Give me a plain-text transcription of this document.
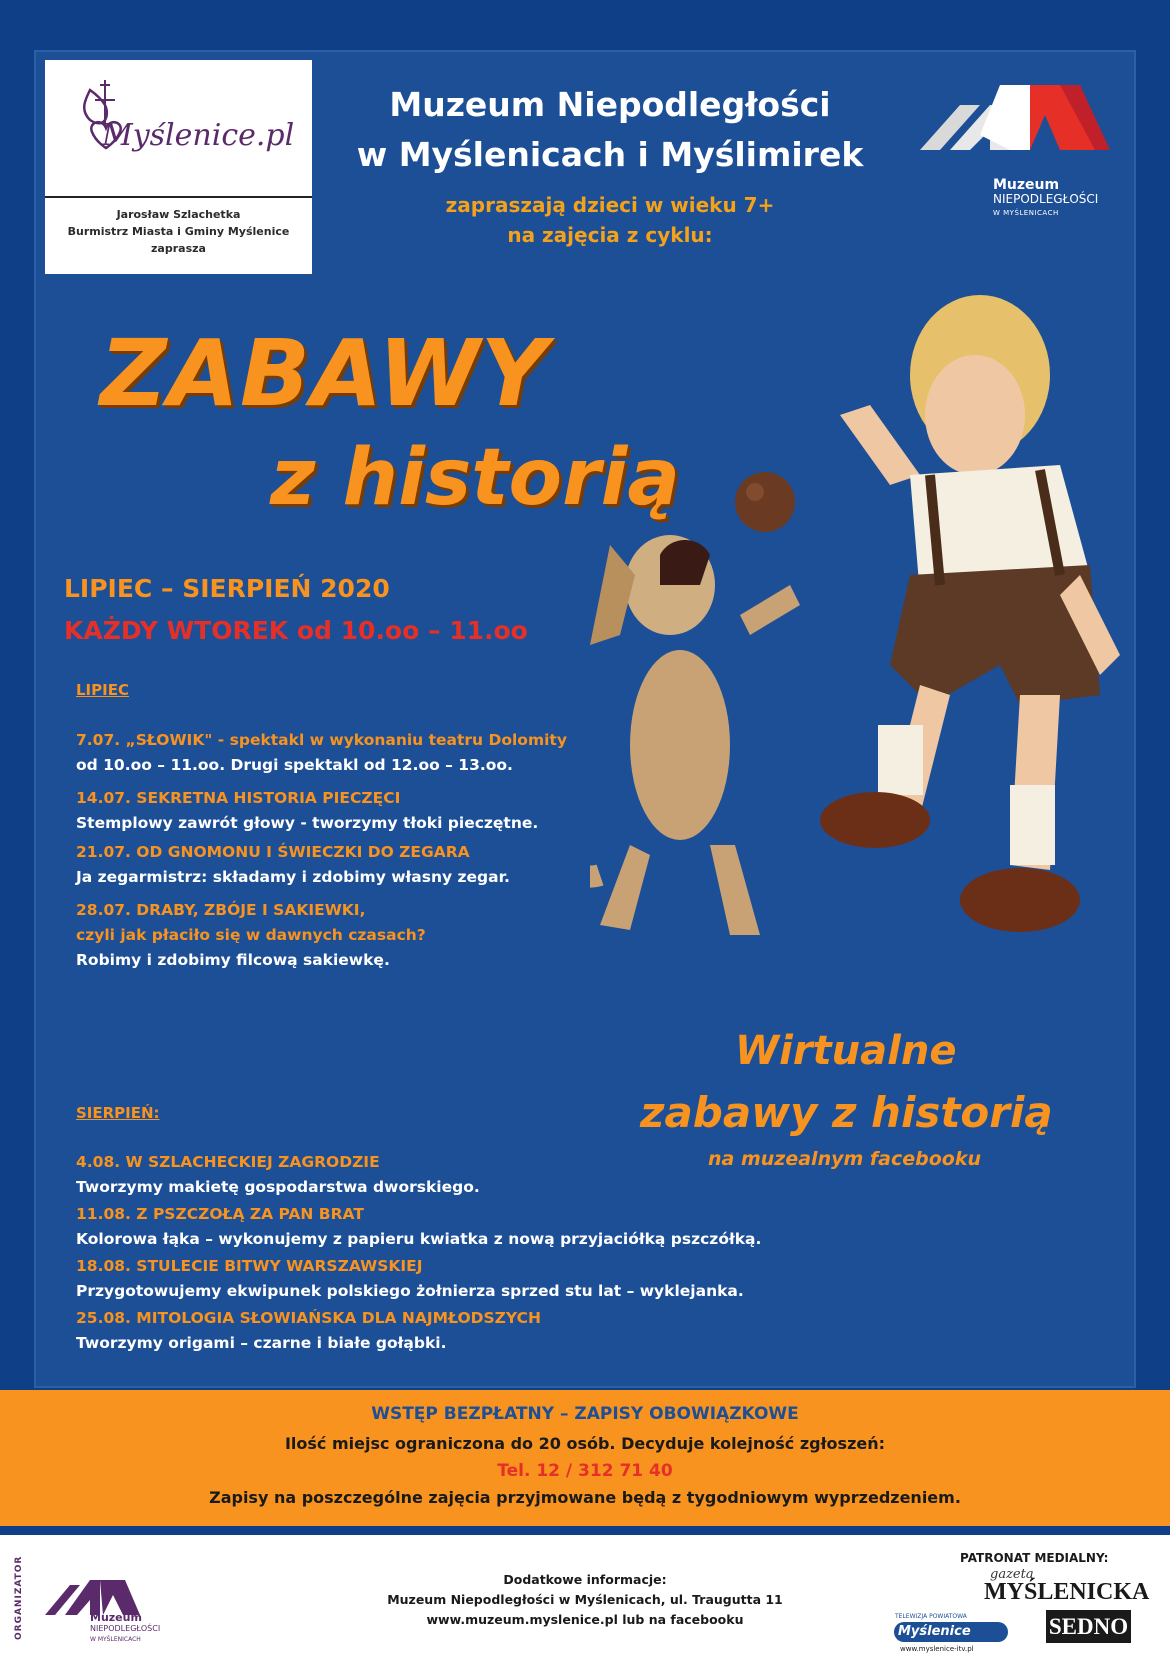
Myślenice.pl
Jarosław Szlachetka
Burmistrz Miasta i Gminy Myślenice
zaprasza
Muzeum Niepodległości
w Myślenicach i Myślimirek
zapraszają dzieci w wieku 7+
na zajęcia z cyklu:
Muzeum
NIEPODLEGŁOŚCI
W MYŚLENICACH
ZABAWY
z historią
LIPIEC – SIERPIEŃ 2020
KAŻDY WTOREK od 10.oo – 11.oo
LIPIEC
7.07. „SŁOWIK" - spektakl w wykonaniu teatru Dolomity
od 10.oo – 11.oo. Drugi spektakl od 12.oo – 13.oo.
14.07. SEKRETNA HISTORIA PIECZĘCI
Stemplowy zawrót głowy - tworzymy tłoki pieczętne.
21.07. OD GNOMONU I ŚWIECZKI DO ZEGARA
Ja zegarmistrz: składamy i zdobimy własny zegar.
28.07. DRABY, ZBÓJE I SAKIEWKI,
czyli jak płaciło się w dawnych czasach?
Robimy i zdobimy filcową sakiewkę.
Wirtualne
zabawy z historią
na muzealnym facebooku
SIERPIEŃ:
4.08. W SZLACHECKIEJ ZAGRODZIE
Tworzymy makietę gospodarstwa dworskiego.
11.08. Z PSZCZOŁĄ ZA PAN BRAT
Kolorowa łąka – wykonujemy z papieru kwiatka z nową przyjaciółką pszczółką.
18.08. STULECIE BITWY WARSZAWSKIEJ
Przygotowujemy ekwipunek polskiego żołnierza sprzed stu lat – wyklejanka.
25.08. MITOLOGIA SŁOWIAŃSKA DLA NAJMŁODSZYCH
Tworzymy origami – czarne i białe gołąbki.
WSTĘP BEZPŁATNY – ZAPISY OBOWIĄZKOWE
Ilość miejsc ograniczona do 20 osób. Decyduje kolejność zgłoszeń:
Tel. 12 / 312 71 40
Zapisy na poszczególne zajęcia przyjmowane będą z tygodniowym wyprzedzeniem.
ORGANIZATOR	Muzeum
NIEPODLEGŁOŚCI
W MYŚLENICACH
Dodatkowe informacje:
Muzeum Niepodległości w Myślenicach, ul. Traugutta 11
www.muzeum.myslenice.pl lub na facebooku
PATRONAT MEDIALNY:
gazeta
MYŚLENICKA
SEDNO
TELEWIZJA POWIATOWA
Myślenice
www.myslenice-itv.pl
